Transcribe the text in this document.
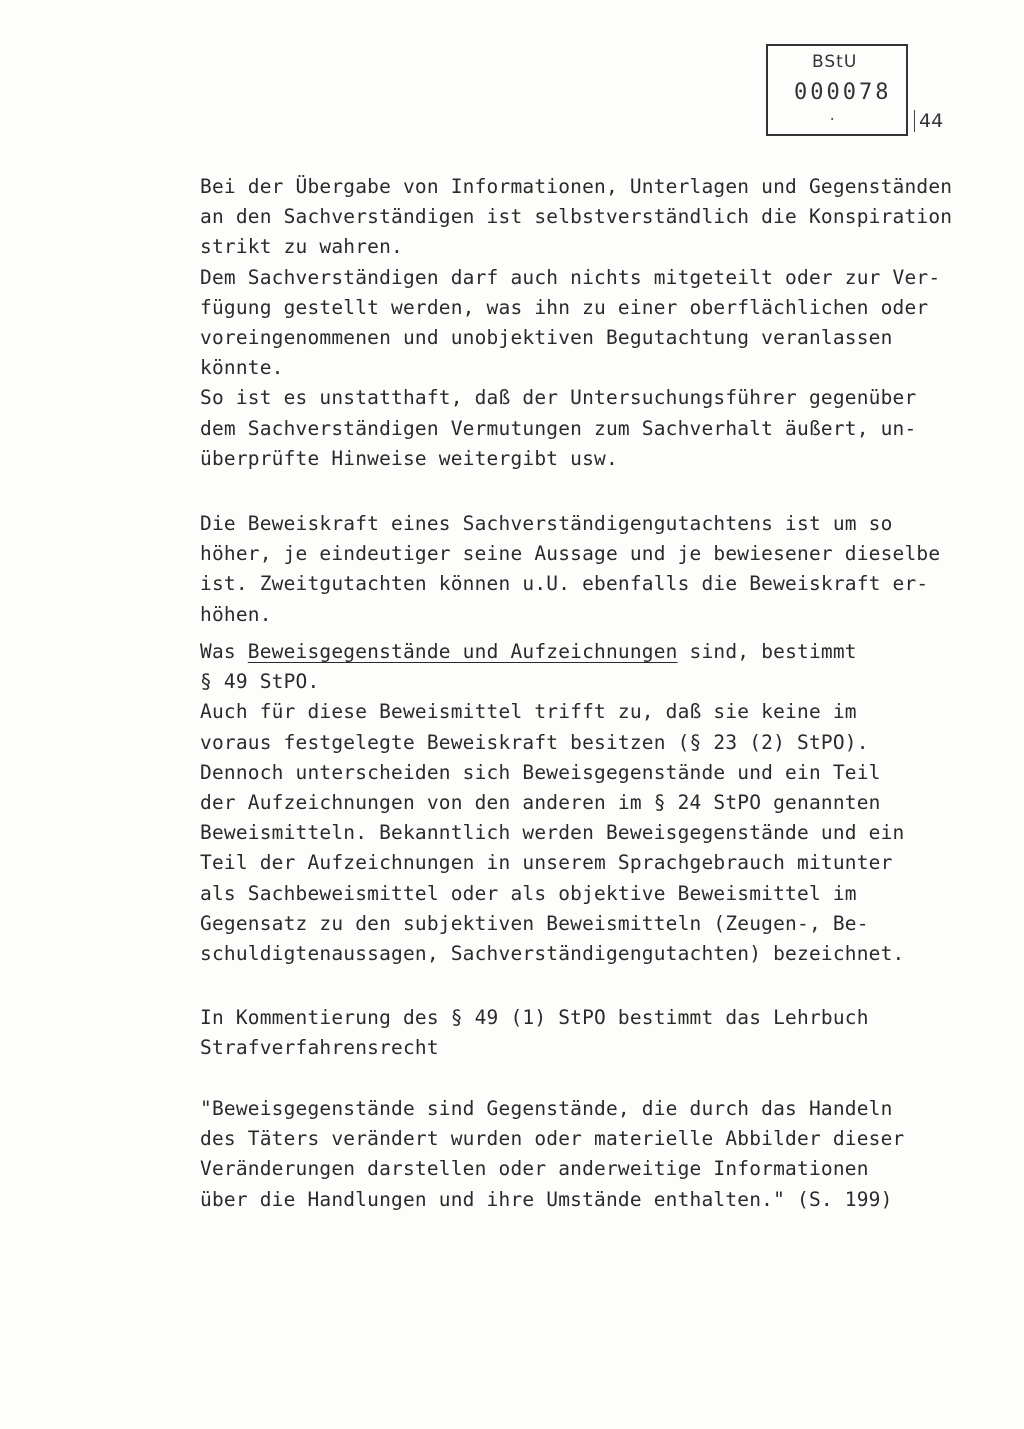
BStU
000078
·	44
Bei der Übergabe von Informationen, Unterlagen und Gegenständen
an den Sachverständigen ist selbstverständlich die Konspiration
strikt zu wahren.
Dem Sachverständigen darf auch nichts mitgeteilt oder zur Ver-
fügung gestellt werden, was ihn zu einer oberflächlichen oder
voreingenommenen und unobjektiven Begutachtung veranlassen
könnte.
So ist es unstatthaft, daß der Untersuchungsführer gegenüber
dem Sachverständigen Vermutungen zum Sachverhalt äußert, un-
überprüfte Hinweise weitergibt usw.
Die Beweiskraft eines Sachverständigengutachtens ist um so
höher, je eindeutiger seine Aussage und je bewiesener dieselbe
ist. Zweitgutachten können u.U. ebenfalls die Beweiskraft er-
höhen.
Was Beweisgegenstände und Aufzeichnungen sind, bestimmt
§ 49 StPO.
Auch für diese Beweismittel trifft zu, daß sie keine im
voraus festgelegte Beweiskraft besitzen (§ 23 (2) StPO).
Dennoch unterscheiden sich Beweisgegenstände und ein Teil
der Aufzeichnungen von den anderen im § 24 StPO genannten
Beweismitteln. Bekanntlich werden Beweisgegenstände und ein
Teil der Aufzeichnungen in unserem Sprachgebrauch mitunter
als Sachbeweismittel oder als objektive Beweismittel im
Gegensatz zu den subjektiven Beweismitteln (Zeugen-, Be-
schuldigtenaussagen, Sachverständigengutachten) bezeichnet.
In Kommentierung des § 49 (1) StPO bestimmt das Lehrbuch
Strafverfahrensrecht
"Beweisgegenstände sind Gegenstände, die durch das Handeln
des Täters verändert wurden oder materielle Abbilder dieser
Veränderungen darstellen oder anderweitige Informationen
über die Handlungen und ihre Umstände enthalten." (S. 199)
